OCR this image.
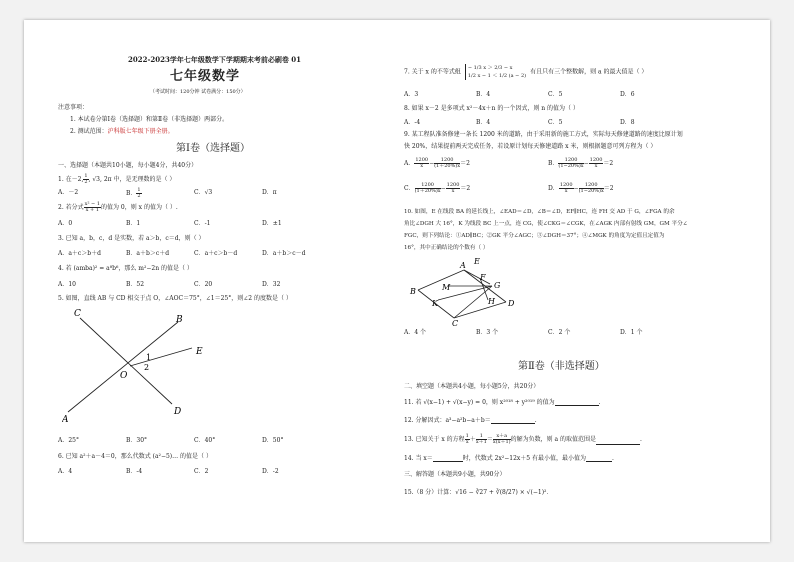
2022-2023学年七年级数学下学期期末考前必刷卷 01
七年级数学
（考试时间：120分钟 试卷满分：150分）
注意事项：
1. 本试卷分第Ⅰ卷（选择题）和第Ⅱ卷（非选择题）两部分。
2. 测试范围：沪科版七年级下册全册。
第Ⅰ卷（选择题）
一、选择题（本题共10小题，每小题4分，共40分）
1. 在－2, $\frac{1}{2}$ , √3, 2π 中，是无理数的是（ ）
A．－2	B． $\frac{1}{2}$	C．√3	D．π
2. 若分式 $\frac{\text{x² − 1}}{x + 1}$ 的值为 0，则 x 的值为（ ）.
A．0	B．1	C．-1	D．±1
3. 已知 a，b，c，d 是实数，若 a＞b，c＝d，则（ ）
A．a＋c＞b＋d	B．a＋b＞c＋d	C．a＋c＞b－d	D．a＋b＞c－d
4. 若 (amba)² = a⁸b⁶，那么 m²−2n 的值是（ ）
A．10	B．52	C．20	D．32
5. 如图，直线 AB 与 CD 相交于点 O，∠AOC＝75°，∠1＝25°，则∠2 的度数是（ ）
C
B
E
O
A
D
1
2
A．25°	B．30°	C．40°	D．50°
6. 已知 a²＋a－4＝0，那么代数式 (a²−5)… 的值是（ ）
A．4	B．-4	C．2	D．-2
7. 关于 x 的不等式组
− 1/3 x ＞ 2/3 − x
1/2 x − 1 ＜ 1/2 (a − 2)
有且只有三个整数解，则 a 的最大值是（ ）
A．3	B．4	C．5	D．6
8. 如果 x－2 是多项式 x²－4x＋n 的一个因式，则 n 的值为（ ）
A．-4	B．4	C．5	D．8
9. 某工程队准备修建一条长 1200 米的道路，由于采用新的施工方式，实际每天修建道路的速度比原计划
快 20%，结果提前两天完成任务，若设原计划每天修建道路 x 米，则根据题意可列方程为（ ）
A． $\frac{1200}{x} - \frac{1200}{(1+20\%)x} =2$	B． $\frac{1200}{(1-20\%)x} - \frac{1200}{x} =2$
C． $\frac{1200}{(1+20\%)x} - \frac{1200}{x} =2$	D． $\frac{1200}{x} - \frac{1200}{(1-20\%)x} =2$
10. 如图，E 在线段 BA 的延长线上，∠EAD＝∠D，∠B＝∠D，EF∥HC，连 FH 交 AD 于 G，∠FGA 的余
角比∠DGH 大 16°，K 为线段 BC 上一点，连 CG，使∠CKG＝∠CGK，在∠AGK 内部有射线 GM，GM 平分∠
FGC，则下列结论：①AD∥BC；②GK 平分∠AGC；③∠DGH＝37°；④∠MGK 的角度为定值且定值为
16°，其中正确结论的个数有（ ）
A
B
C
D
E
F
G
H
K
M
A．4 个	B．3 个	C．2 个	D．1 个
第Ⅱ卷（非选择题）
二、填空题（本题共4小题，每小题5分，共20分）
11. 若 √(x−1) + √(x−y) = 0，则 x²⁰¹⁸ + y²⁰¹⁹ 的值为	.
12. 分解因式：a³−a²b−a＋b＝	.
13. 已知关于 x 的方程 $\frac{1}{x} + \frac{1}{x+1} = \frac{x+a}{x(x+1)}$ 的解为负数，则 a 的取值范围是	.
14. 当 x＝	时，代数式 2x²−12x＋5 有最小值，最小值为	.
三、解答题（本题共9小题，共90分）
15.（8 分）计算：√16 − ∛27 + ∛(8/27) × √(−1)²．
